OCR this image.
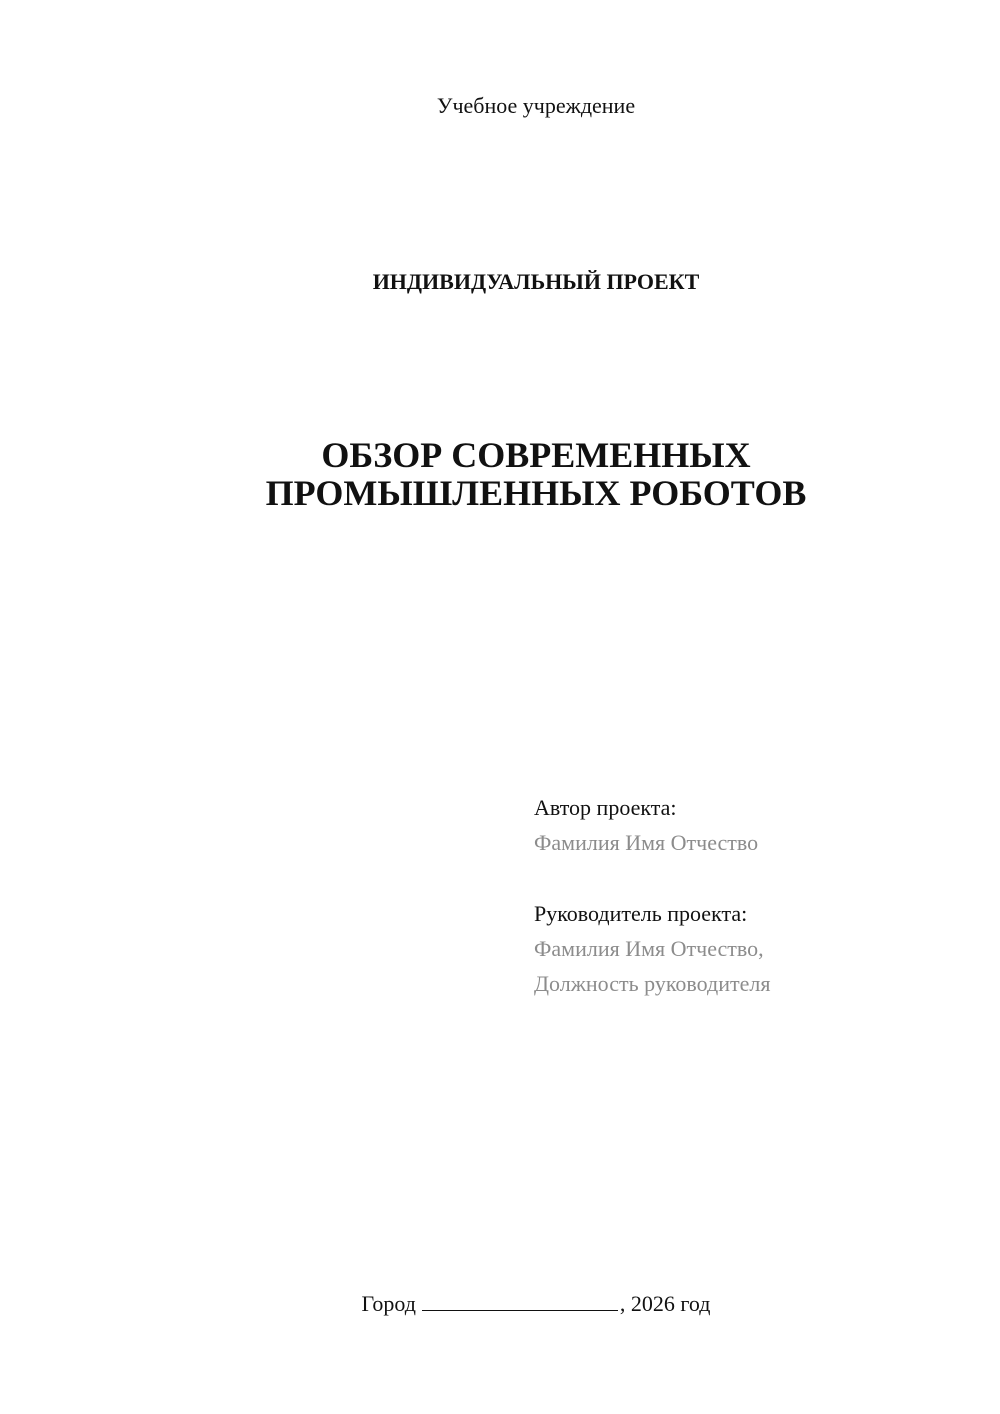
Учебное учреждение
ИНДИВИДУАЛЬНЫЙ ПРОЕКТ
ОБЗОР СОВРЕМЕННЫХ
ПРОМЫШЛЕННЫХ РОБОТОВ
Автор проекта:
Фамилия Имя Отчество
Руководитель проекта:
Фамилия Имя Отчество,
Должность руководителя
Город	, 2026 год
